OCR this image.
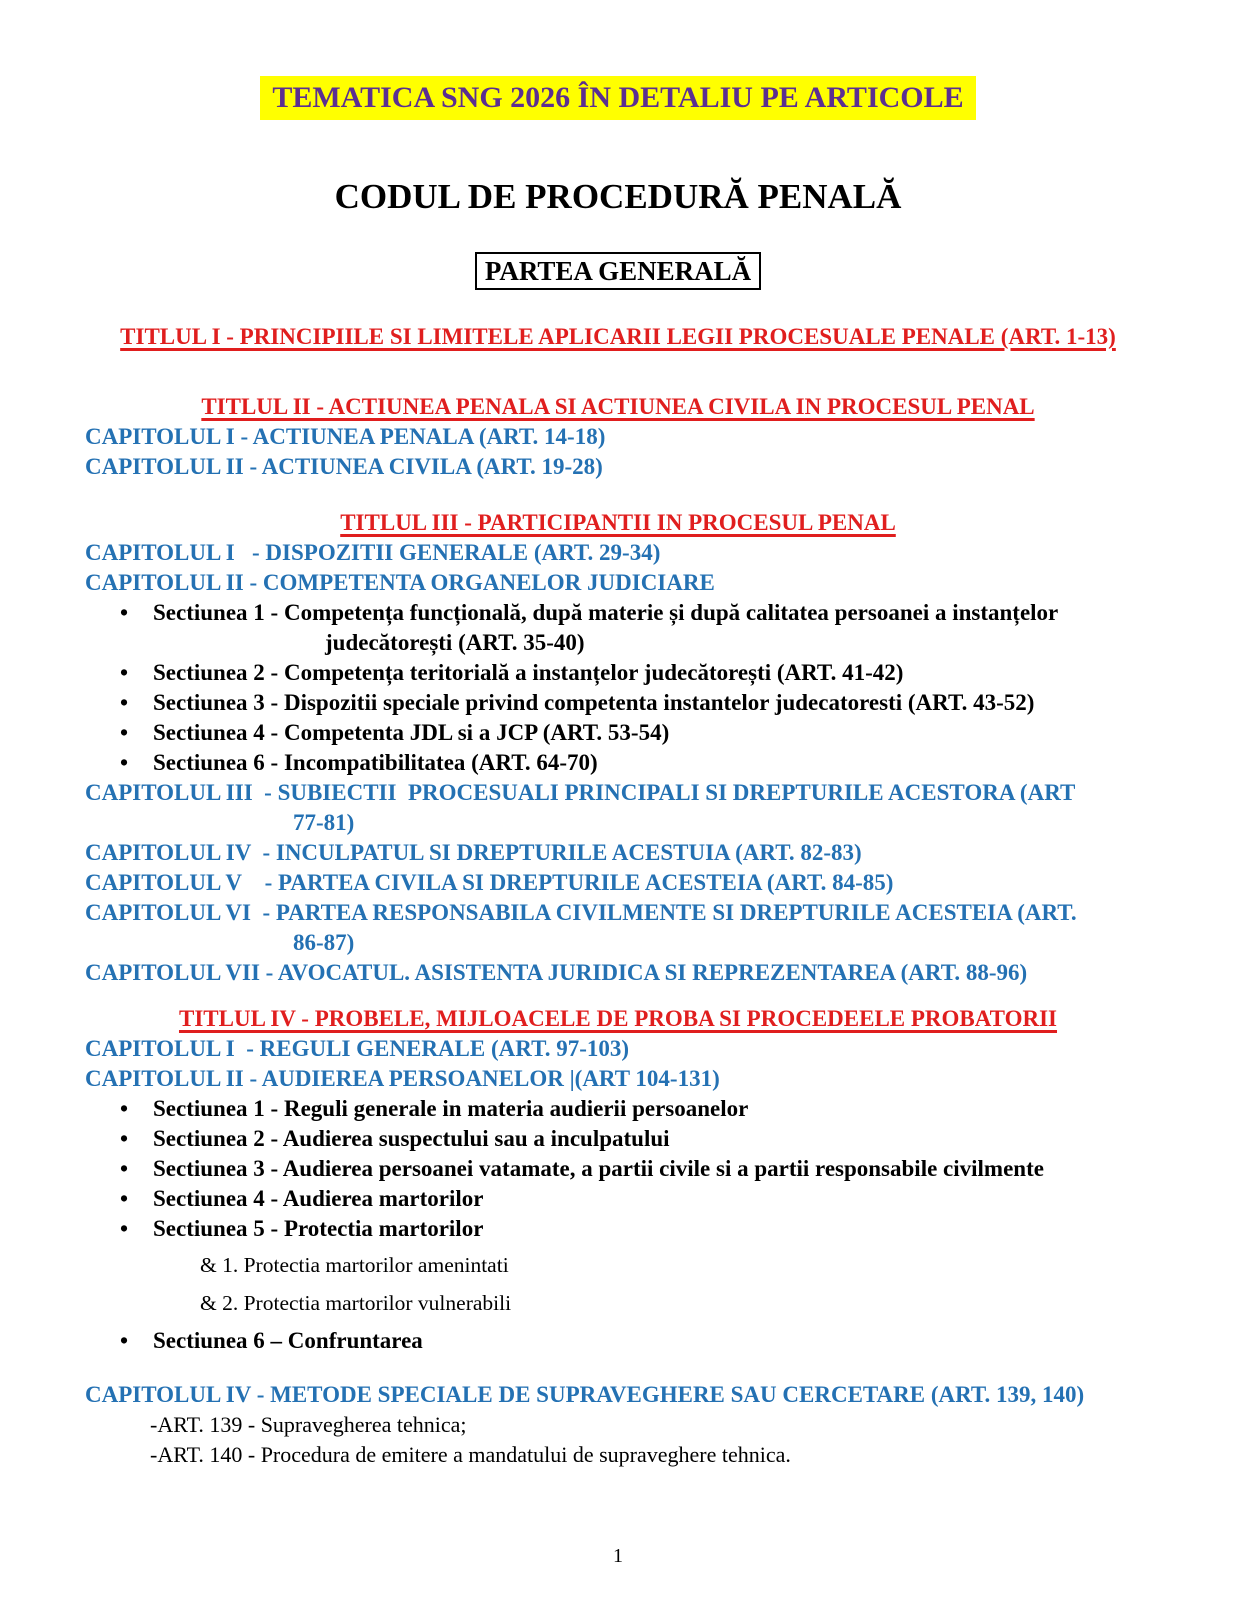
TEMATICA SNG 2026 ÎN DETALIU PE ARTICOLE
CODUL DE PROCEDURĂ PENALĂ
PARTEA GENERALĂ
TITLUL I - PRINCIPIILE SI LIMITELE APLICARII LEGII PROCESUALE PENALE (ART. 1-13)
TITLUL II - ACTIUNEA PENALA SI ACTIUNEA CIVILA IN PROCESUL PENAL
CAPITOLUL I - ACTIUNEA PENALA (ART. 14-18)
CAPITOLUL II - ACTIUNEA CIVILA (ART. 19-28)
TITLUL III - PARTICIPANTII IN PROCESUL PENAL
CAPITOLUL I   - DISPOZITII GENERALE (ART. 29-34)
CAPITOLUL II - COMPETENTA ORGANELOR JUDICIARE
•	Sectiunea 1 - Competența funcțională, după materie și după calitatea persoanei a instanțelor
judecătorești (ART. 35-40)
•	Sectiunea 2 - Competența teritorială a instanțelor judecătorești (ART. 41-42)
•	Sectiunea 3 - Dispozitii speciale privind competenta instantelor judecatoresti (ART. 43-52)
•	Sectiunea 4 - Competenta JDL si a JCP (ART. 53-54)
•	Sectiunea 6 - Incompatibilitatea (ART. 64-70)
CAPITOLUL III  - SUBIECTII  PROCESUALI PRINCIPALI SI DREPTURILE ACESTORA (ART
77-81)
CAPITOLUL IV  - INCULPATUL SI DREPTURILE ACESTUIA (ART. 82-83)
CAPITOLUL V    - PARTEA CIVILA SI DREPTURILE ACESTEIA (ART. 84-85)
CAPITOLUL VI  - PARTEA RESPONSABILA CIVILMENTE SI DREPTURILE ACESTEIA (ART.
86-87)
CAPITOLUL VII - AVOCATUL. ASISTENTA JURIDICA SI REPREZENTAREA (ART. 88-96)
TITLUL IV - PROBELE, MIJLOACELE DE PROBA SI PROCEDEELE PROBATORII
CAPITOLUL I  - REGULI GENERALE (ART. 97-103)
CAPITOLUL II - AUDIEREA PERSOANELOR |(ART 104-131)
•	Sectiunea 1 - Reguli generale in materia audierii persoanelor
•	Sectiunea 2 - Audierea suspectului sau a inculpatului
•	Sectiunea 3 - Audierea persoanei vatamate, a partii civile si a partii responsabile civilmente
•	Sectiunea 4 - Audierea martorilor
•	Sectiunea 5 - Protectia martorilor
& 1. Protectia martorilor amenintati
& 2. Protectia martorilor vulnerabili
•	Sectiunea 6 – Confruntarea
CAPITOLUL IV - METODE SPECIALE DE SUPRAVEGHERE SAU CERCETARE (ART. 139, 140)
-ART. 139 - Supravegherea tehnica;
-ART. 140 - Procedura de emitere a mandatului de supraveghere tehnica.
1
